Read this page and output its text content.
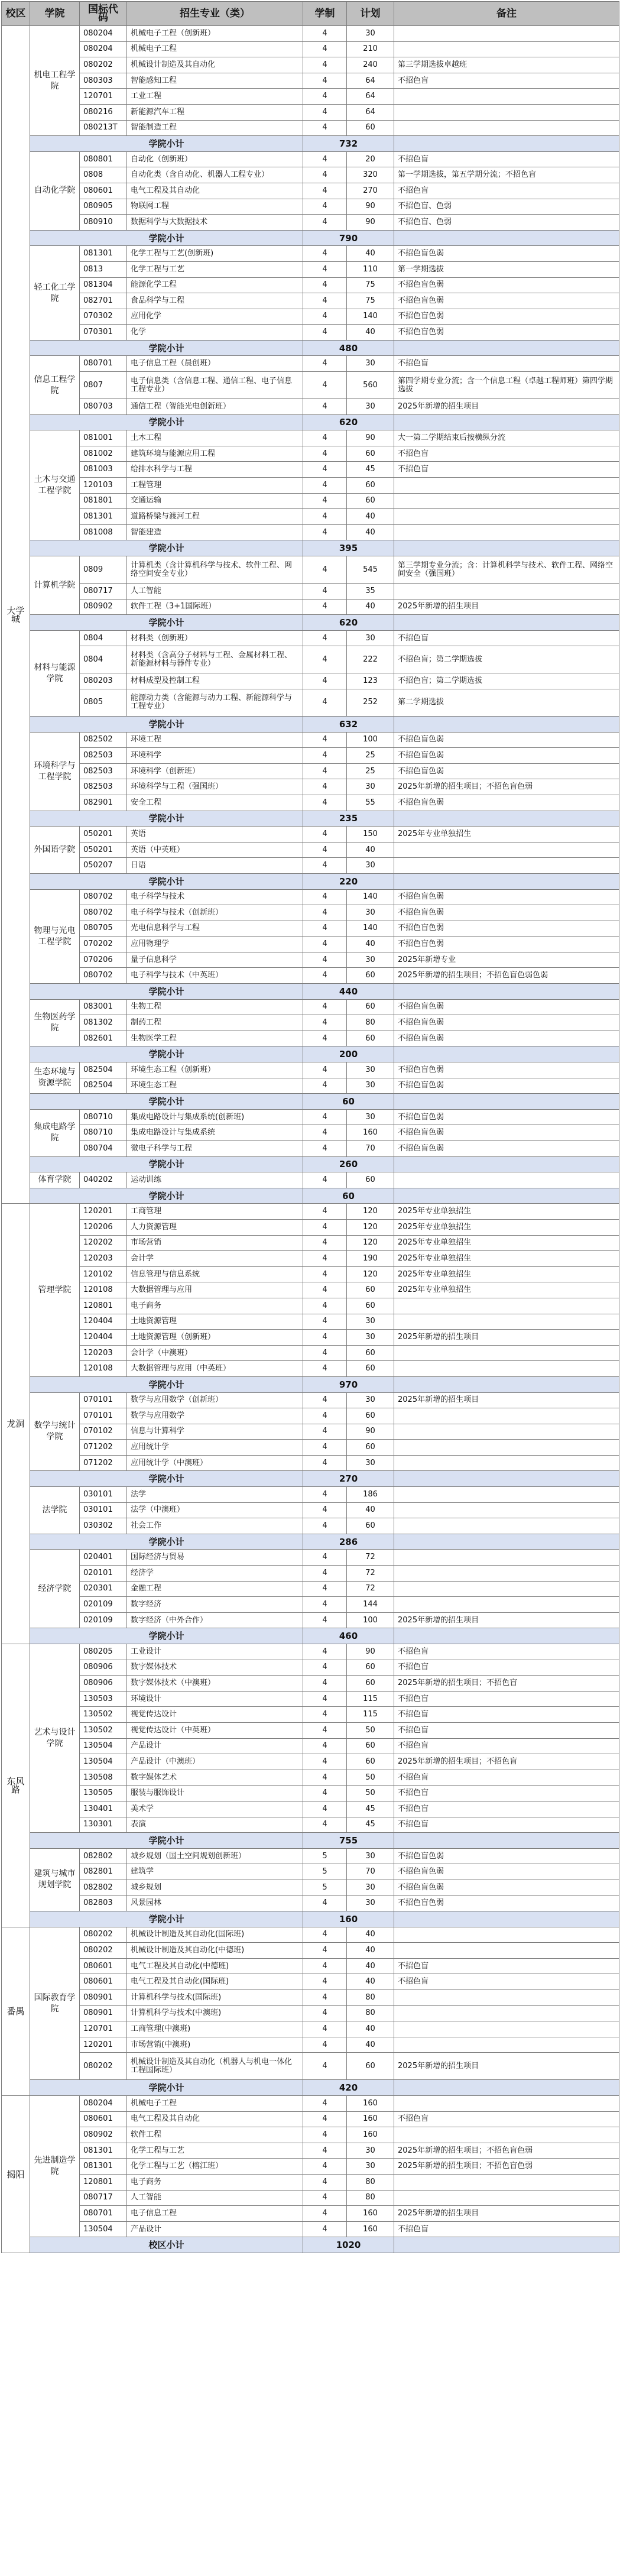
校区	学院	国标代码	招生专业（类）	学制	计划	备注
大学城	机电工程学院	080204	机械电子工程（创新班）	4	30	
		080204	机械电子工程	4	210	
		080202	机械设计制造及其自动化	4	240	第三学期选拔卓越班
		080303	智能感知工程	4	64	不招色盲
		120701	工业工程	4	64	
		080216	新能源汽车工程	4	64	
		080213T	智能制造工程	4	60	
	学院小计			732		
	自动化学院	080801	自动化（创新班）	4	20	不招色盲
		0808	自动化类（含自动化、机器人工程专业）	4	320	第一学期选拔，第五学期分流；不招色盲
		080601	电气工程及其自动化	4	270	不招色盲
		080905	物联网工程	4	90	不招色盲、色弱
		080910	数据科学与大数据技术	4	90	不招色盲、色弱
	学院小计			790		
	轻工化工学院	081301	化学工程与工艺(创新班)	4	40	不招色盲色弱
		0813	化学工程与工艺	4	110	第一学期选拔
		081304	能源化学工程	4	75	不招色盲色弱
		082701	食品科学与工程	4	75	不招色盲色弱
		070302	应用化学	4	140	不招色盲色弱
		070301	化学	4	40	不招色盲色弱
	学院小计			480		
	信息工程学院	080701	电子信息工程（晨创班）	4	30	不招色盲
		0807	电子信息类（含信息工程、通信工程、电子信息工程专业）	4	560	第四学期专业分流；含一个信息工程（卓越工程师班）第四学期选拔
		080703	通信工程（智能光电创新班）	4	30	2025年新增的招生项目
	学院小计			620		
	土木与交通工程学院	081001	土木工程	4	90	大一第二学期结束后按横纵分流
		081002	建筑环境与能源应用工程	4	60	不招色盲
		081003	给排水科学与工程	4	45	不招色盲
		120103	工程管理	4	60	
		081801	交通运输	4	60	
		081301	道路桥梁与渡河工程	4	40	
		081008	智能建造	4	40	
	学院小计			395		
	计算机学院	0809	计算机类（含计算机科学与技术、软件工程、网络空间安全专业）	4	545	第三学期专业分流；含：计算机科学与技术、软件工程、网络空间安全（强国班）
		080717	人工智能	4	35	
		080902	软件工程（3+1国际班）	4	40	2025年新增的招生项目
	学院小计			620		
	材料与能源学院	0804	材料类（创新班）	4	30	不招色盲
		0804	材料类（含高分子材料与工程、金属材料工程、新能源材料与器件专业）	4	222	不招色盲；第二学期选拔
		080203	材料成型及控制工程	4	123	不招色盲；第二学期选拔
		0805	能源动力类（含能源与动力工程、新能源科学与工程专业）	4	252	第二学期选拔
	学院小计			632		
	环境科学与工程学院	082502	环境工程	4	100	不招色盲色弱
		082503	环境科学	4	25	不招色盲色弱
		082503	环境科学（创新班）	4	25	不招色盲色弱
		082503	环境科学与工程（强国班）	4	30	2025年新增的招生项目；不招色盲色弱
		082901	安全工程	4	55	不招色盲色弱
	学院小计			235		
	外国语学院	050201	英语	4	150	2025年专业单独招生
		050201	英语（中英班）	4	40	
		050207	日语	4	30	
	学院小计			220		
	物理与光电工程学院	080702	电子科学与技术	4	140	不招色盲色弱
		080702	电子科学与技术（创新班）	4	30	不招色盲色弱
		080705	光电信息科学与工程	4	140	不招色盲色弱
		070202	应用物理学	4	40	不招色盲色弱
		070206	量子信息科学	4	30	2025年新增专业
		080702	电子科学与技术（中英班）	4	60	2025年新增的招生项目；不招色盲色弱色弱
	学院小计			440		
	生物医药学院	083001	生物工程	4	60	不招色盲色弱
		081302	制药工程	4	80	不招色盲色弱
		082601	生物医学工程	4	60	不招色盲色弱
	学院小计			200		
	生态环境与资源学院	082504	环境生态工程（创新班）	4	30	不招色盲色弱
		082504	环境生态工程	4	30	不招色盲色弱
	学院小计			60		
	集成电路学院	080710	集成电路设计与集成系统(创新班)	4	30	不招色盲色弱
		080710	集成电路设计与集成系统	4	160	不招色盲色弱
		080704	微电子科学与工程	4	70	不招色盲色弱
	学院小计			260		
	体育学院	040202	运动训练	4	60	
	学院小计			60		
龙洞	管理学院	120201	工商管理	4	120	2025年专业单独招生
		120206	人力资源管理	4	120	2025年专业单独招生
		120202	市场营销	4	120	2025年专业单独招生
		120203	会计学	4	190	2025年专业单独招生
		120102	信息管理与信息系统	4	120	2025年专业单独招生
		120108	大数据管理与应用	4	60	2025年专业单独招生
		120801	电子商务	4	60	
		120404	土地资源管理	4	30	
		120404	土地资源管理（创新班）	4	30	2025年新增的招生项目
		120203	会计学（中澳班）	4	60	
		120108	大数据管理与应用（中英班）	4	60	
	学院小计			970		
	数学与统计学院	070101	数学与应用数学（创新班）	4	30	2025年新增的招生项目
		070101	数学与应用数学	4	60	
		070102	信息与计算科学	4	90	
		071202	应用统计学	4	60	
		071202	应用统计学（中澳班）	4	30	
	学院小计			270		
	法学院	030101	法学	4	186	
		030101	法学（中澳班）	4	40	
		030302	社会工作	4	60	
	学院小计			286		
	经济学院	020401	国际经济与贸易	4	72	
		020101	经济学	4	72	
		020301	金融工程	4	72	
		020109	数字经济	4	144	
		020109	数字经济（中外合作）	4	100	2025年新增的招生项目
	学院小计			460		
东风路	艺术与设计学院	080205	工业设计	4	90	不招色盲
		080906	数字媒体技术	4	60	不招色盲
		080906	数字媒体技术（中澳班）	4	60	2025年新增的招生项目；不招色盲
		130503	环境设计	4	115	不招色盲
		130502	视觉传达设计	4	115	不招色盲
		130502	视觉传达设计（中英班）	4	50	不招色盲
		130504	产品设计	4	60	不招色盲
		130504	产品设计（中澳班）	4	60	2025年新增的招生项目；不招色盲
		130508	数字媒体艺术	4	50	不招色盲
		130505	服装与服饰设计	4	50	不招色盲
		130401	美术学	4	45	不招色盲
		130301	表演	4	45	不招色盲
	学院小计			755		
	建筑与城市规划学院	082802	城乡规划（国土空间规划创新班）	5	30	不招色盲色弱
		082801	建筑学	5	70	不招色盲色弱
		082802	城乡规划	5	30	不招色盲色弱
		082803	风景园林	4	30	不招色盲色弱
	学院小计			160		
番禺	国际教育学院	080202	机械设计制造及其自动化(国际班)	4	40	
		080202	机械设计制造及其自动化(中德班)	4	40	
		080601	电气工程及其自动化(中德班)	4	40	不招色盲
		080601	电气工程及其自动化(国际班)	4	40	不招色盲
		080901	计算机科学与技术(国际班)	4	80	
		080901	计算机科学与技术(中澳班)	4	80	
		120701	工商管理(中澳班)	4	40	
		120201	市场营销(中澳班)	4	40	
		080202	机械设计制造及其自动化（机器人与机电一体化工程国际班）	4	60	2025年新增的招生项目
	学院小计			420		
揭阳	先进制造学院	080204	机械电子工程	4	160	
		080601	电气工程及其自动化	4	160	不招色盲
		080902	软件工程	4	160	
		081301	化学工程与工艺	4	30	2025年新增的招生项目；不招色盲色弱
		081301	化学工程与工艺（榕江班）	4	30	2025年新增的招生项目；不招色盲色弱
		120801	电子商务	4	80	
		080717	人工智能	4	80	
		080701	电子信息工程	4	160	2025年新增的招生项目
		130504	产品设计	4	160	不招色盲
	校区小计			1020		
